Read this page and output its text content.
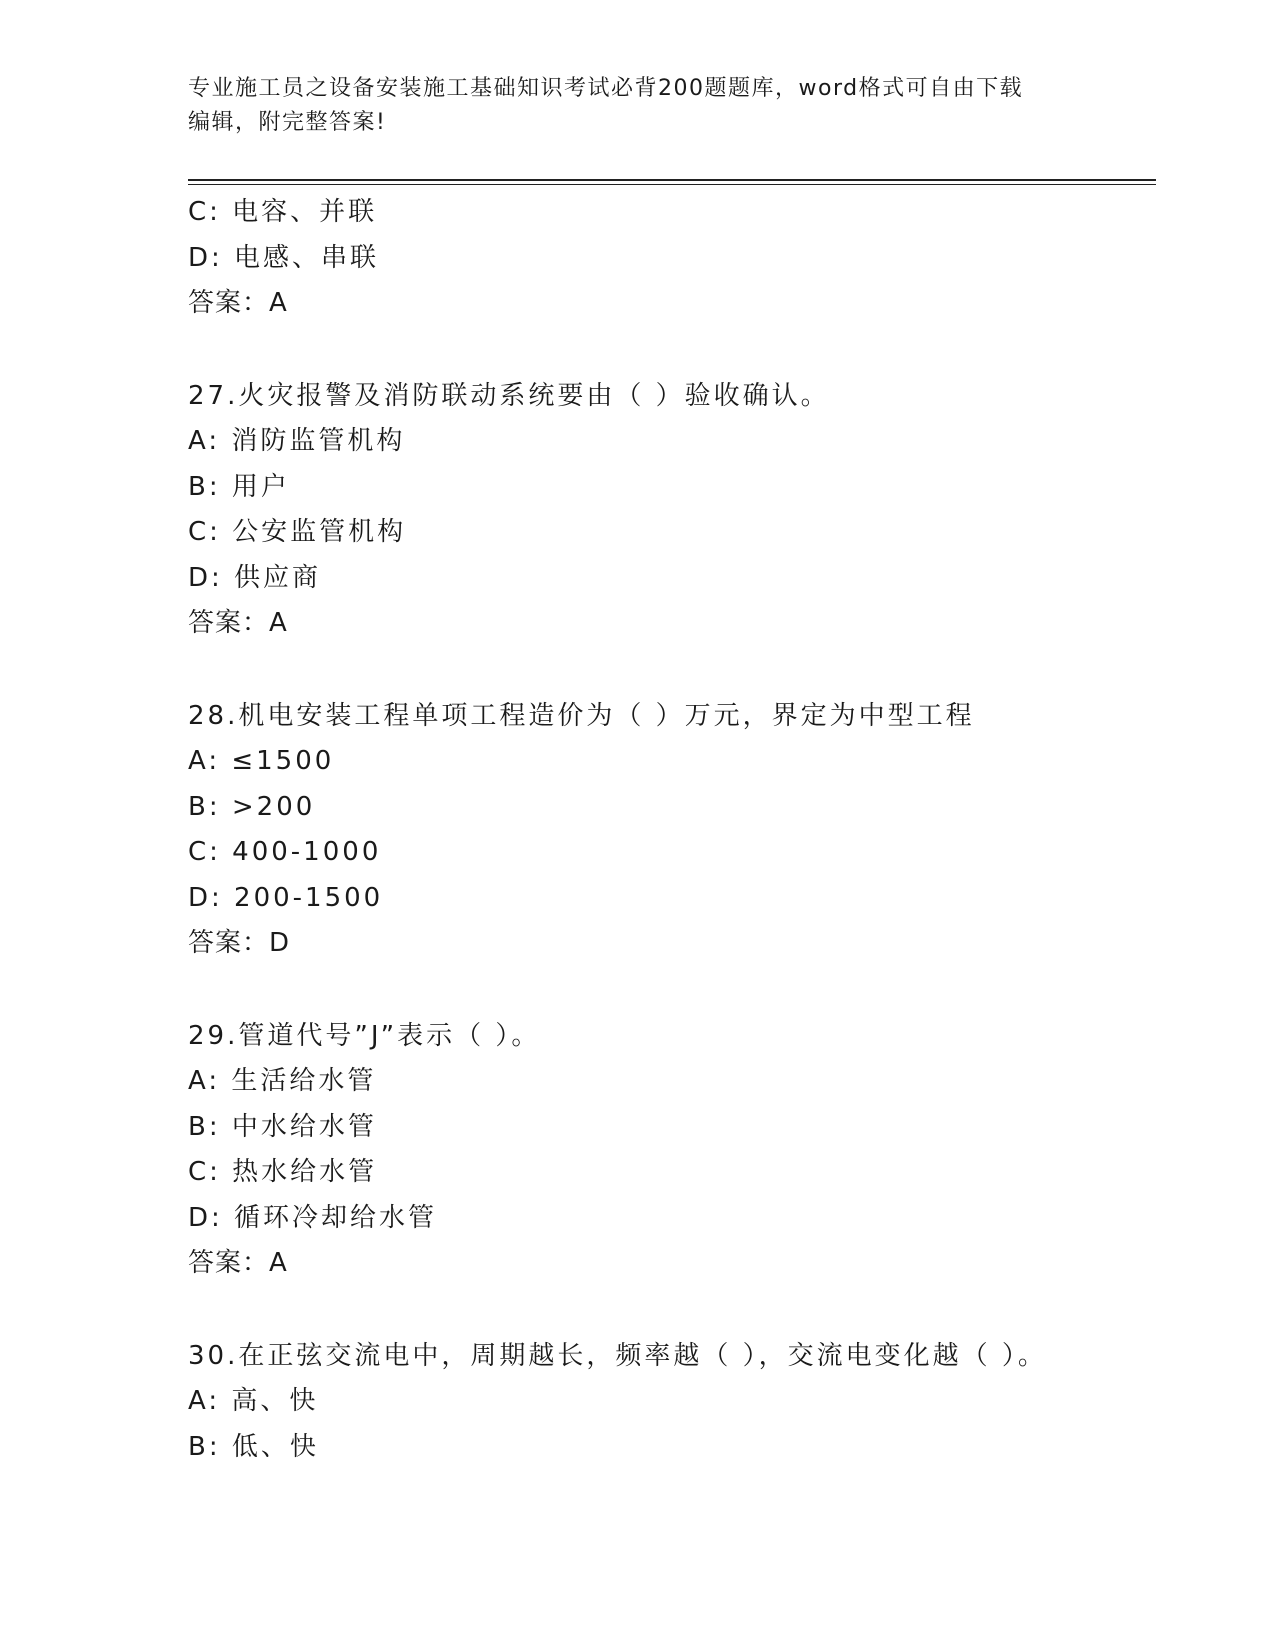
专业施工员之设备安装施工基础知识考试必背200题题库，word格式可自由下载
编辑，附完整答案!
C: 电容、并联
D: 电感、串联
答案：A
27.火灾报警及消防联动系统要由（ ）验收确认。
A: 消防监管机构
B: 用户
C: 公安监管机构
D: 供应商
答案：A
28.机电安装工程单项工程造价为（ ）万元，界定为中型工程
A: ≤1500
B: >200
C: 400-1000
D: 200-1500
答案：D
29.管道代号”J”表示（ ）。
A: 生活给水管
B: 中水给水管
C: 热水给水管
D: 循环冷却给水管
答案：A
30.在正弦交流电中，周期越长，频率越（ ），交流电变化越（ ）。
A: 高、快
B: 低、快
